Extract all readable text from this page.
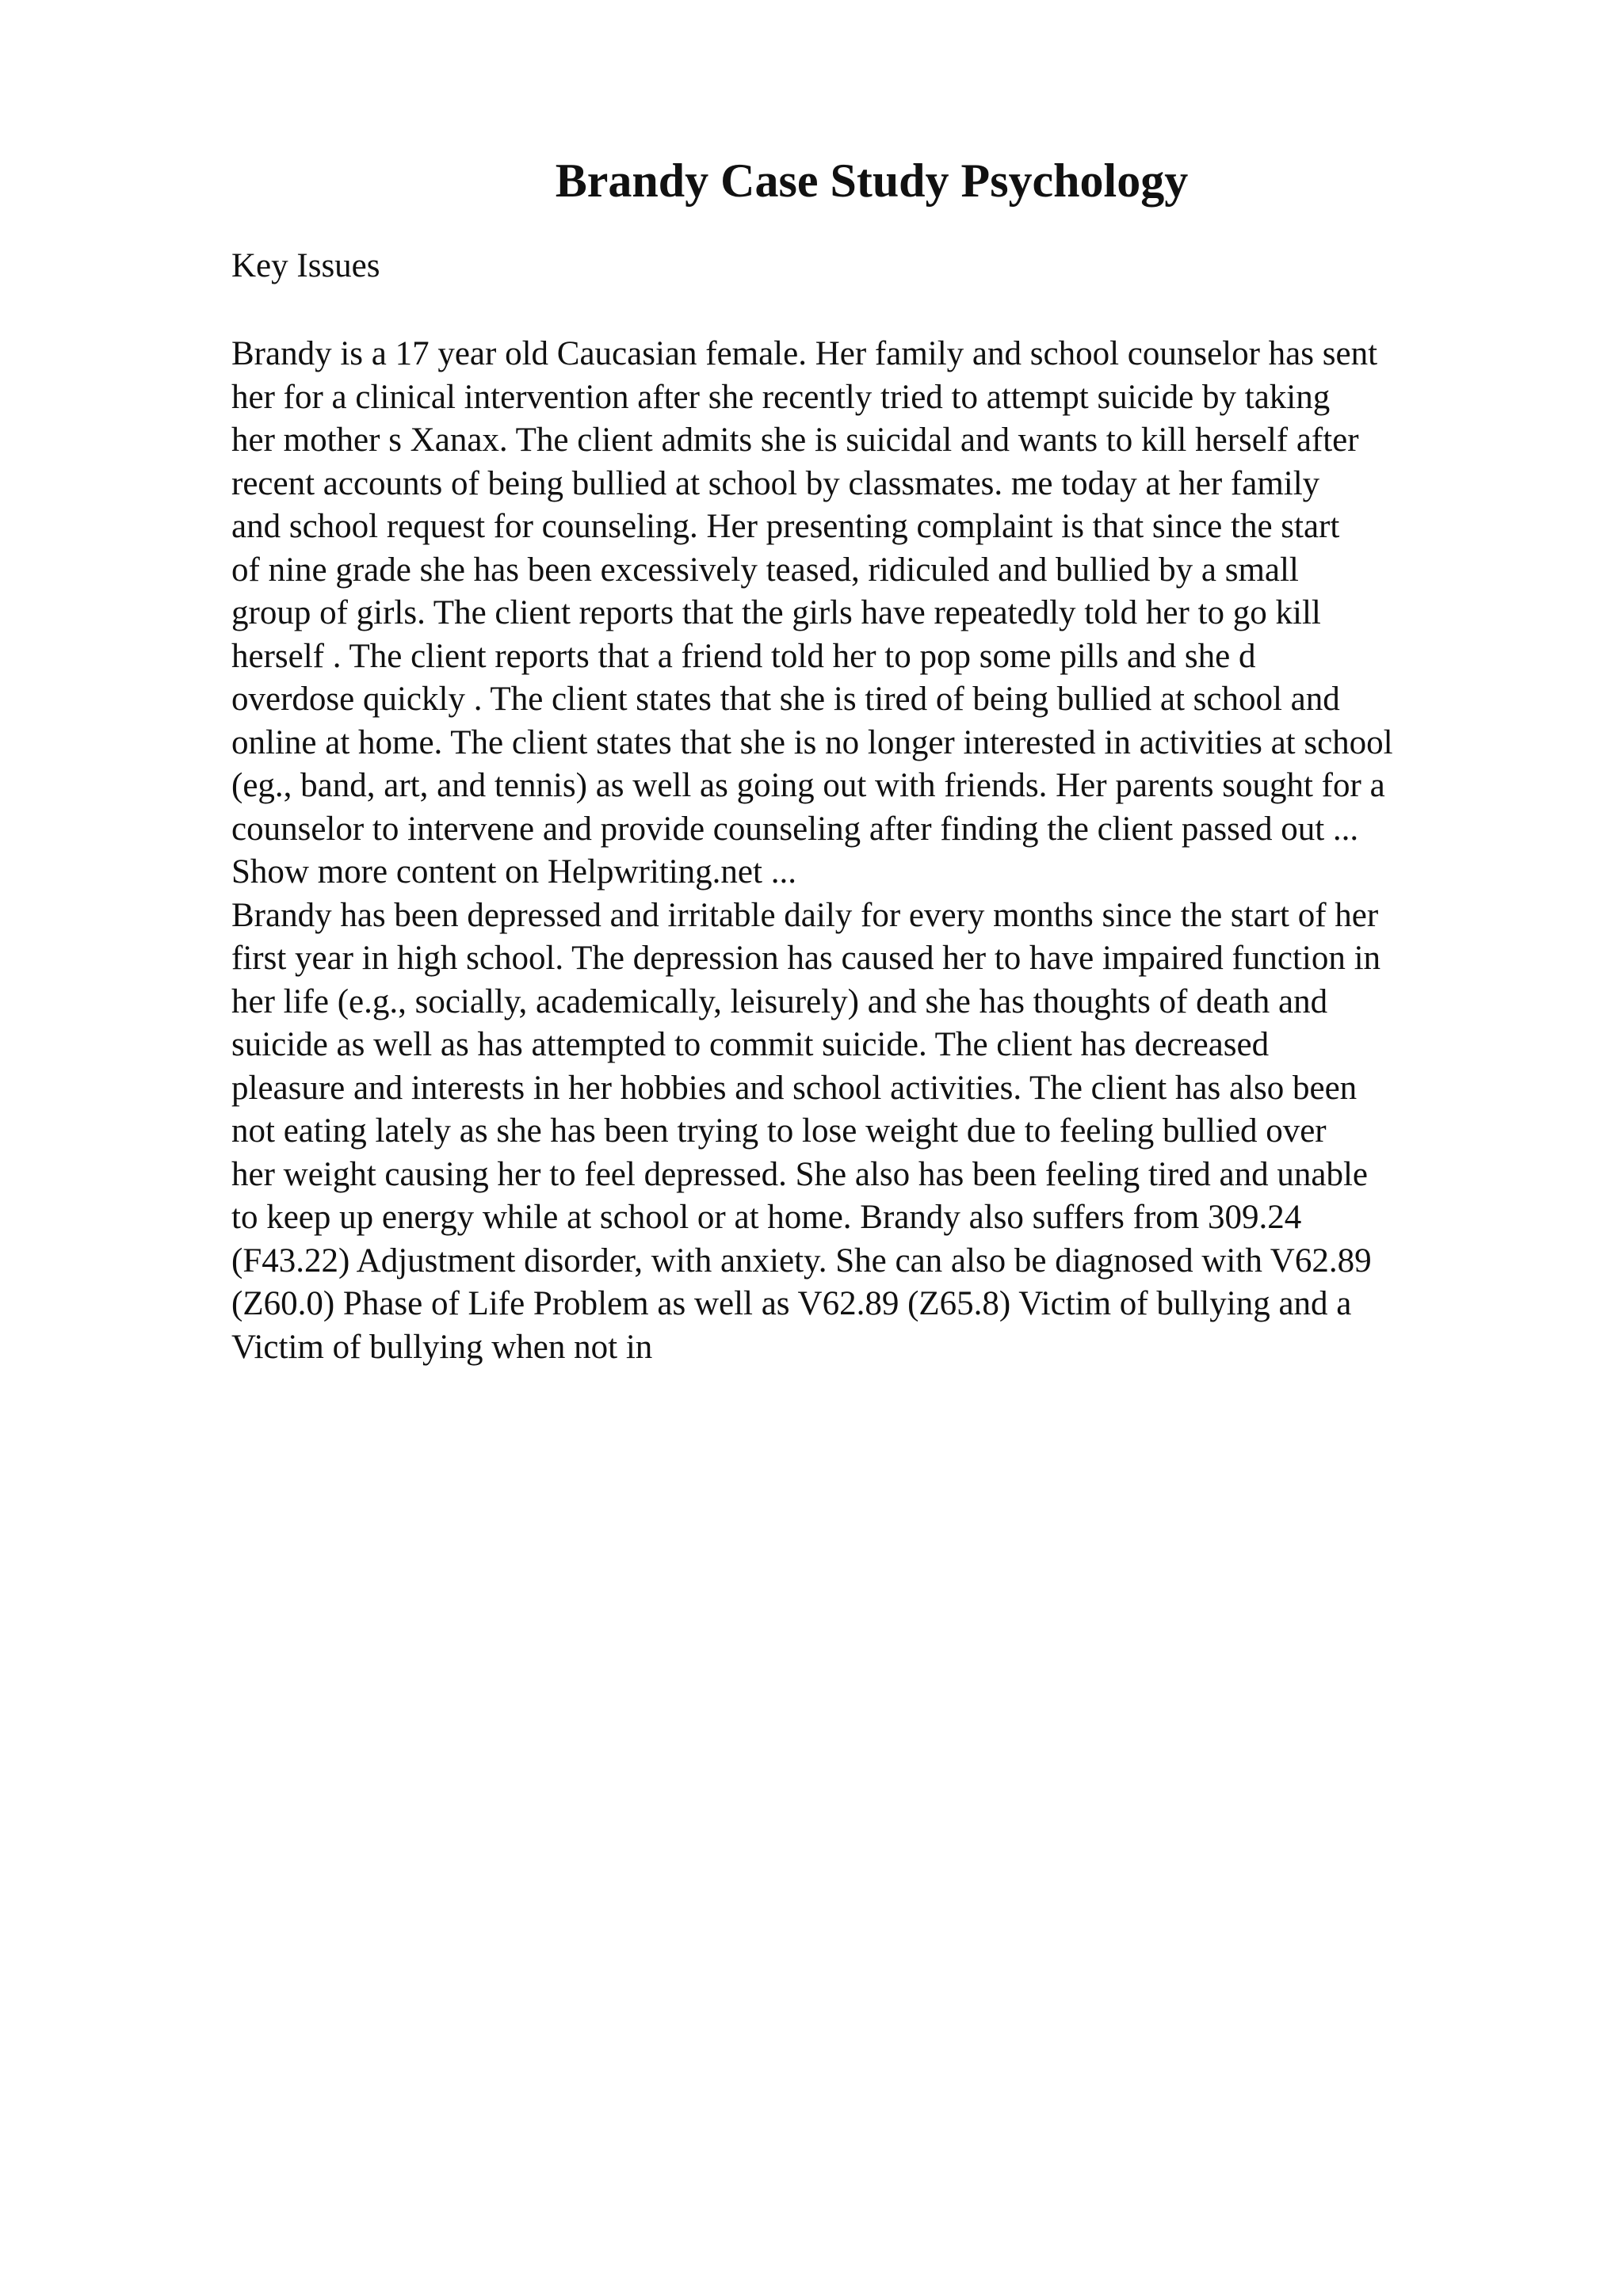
Brandy Case Study Psychology

Key Issues

Brandy is a 17 year old Caucasian female. Her family and school counselor has sent
her for a clinical intervention after she recently tried to attempt suicide by taking
her mother s Xanax. The client admits she is suicidal and wants to kill herself after
recent accounts of being bullied at school by classmates. me today at her family
and school request for counseling. Her presenting complaint is that since the start
of nine grade she has been excessively teased, ridiculed and bullied by a small
group of girls. The client reports that the girls have repeatedly told her to go kill
herself . The client reports that a friend told her to pop some pills and she d
overdose quickly . The client states that she is tired of being bullied at school and
online at home. The client states that she is no longer interested in activities at school
(eg., band, art, and tennis) as well as going out with friends. Her parents sought for a
counselor to intervene and provide counseling after finding the client passed out ...
Show more content on Helpwriting.net ...
Brandy has been depressed and irritable daily for every months since the start of her
first year in high school. The depression has caused her to have impaired function in
her life (e.g., socially, academically, leisurely) and she has thoughts of death and
suicide as well as has attempted to commit suicide. The client has decreased
pleasure and interests in her hobbies and school activities. The client has also been
not eating lately as she has been trying to lose weight due to feeling bullied over
her weight causing her to feel depressed. She also has been feeling tired and unable
to keep up energy while at school or at home. Brandy also suffers from 309.24
(F43.22) Adjustment disorder, with anxiety. She can also be diagnosed with V62.89
(Z60.0) Phase of Life Problem as well as V62.89 (Z65.8) Victim of bullying and a
Victim of bullying when not in
